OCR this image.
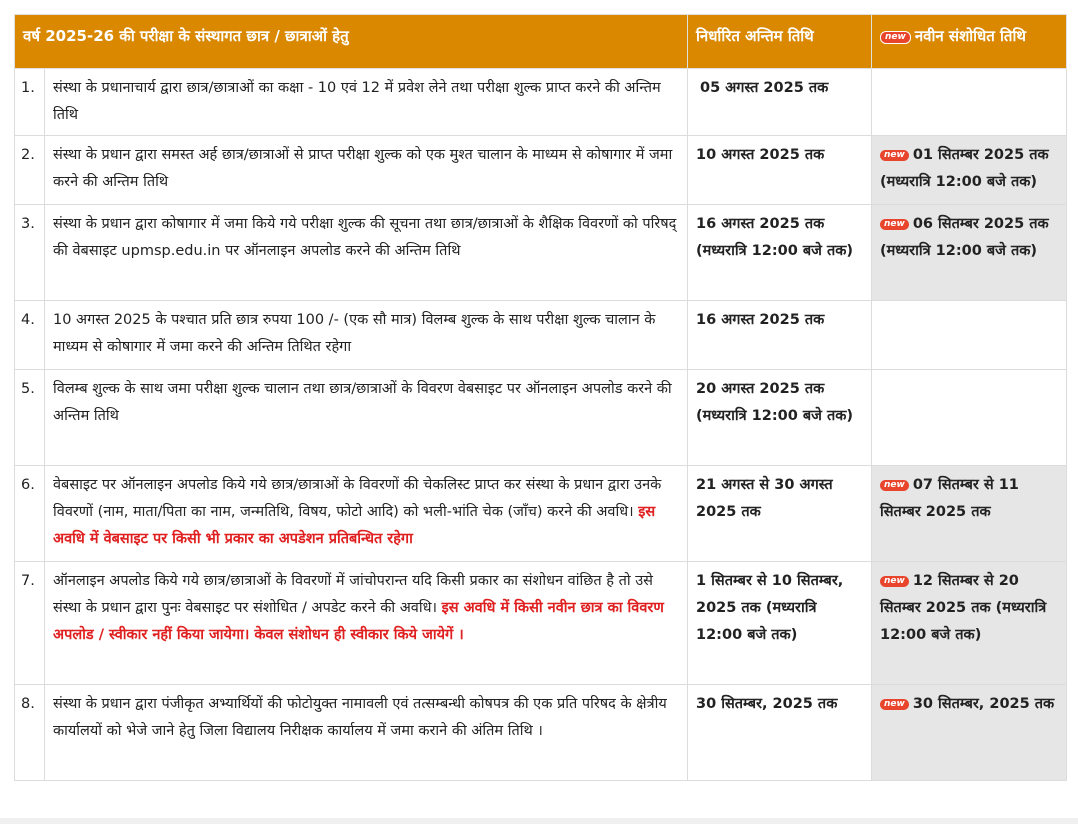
वर्ष 2025-26 की परीक्षा के संस्थागत छात्र / छात्राओं हेतु		निर्धारित अन्तिम तिथि	new नवीन संशोधित तिथि
1.	संस्था के प्रधानाचार्य द्वारा छात्र/छात्राओं का कक्षा - 10 एवं 12 में प्रवेश लेने तथा परीक्षा शुल्क प्राप्त करने की अन्तिम तिथि	05 अगस्त 2025 तक	
2.	संस्था के प्रधान द्वारा समस्त अर्ह छात्र/छात्राओं से प्राप्त परीक्षा शुल्क को एक मुश्त चालान के माध्यम से कोषागार में जमा करने की अन्तिम तिथि	10 अगस्त 2025 तक	new 01 सितम्बर 2025 तक (मध्यरात्रि 12:00 बजे तक)
3.	संस्था के प्रधान द्वारा कोषागार में जमा किये गये परीक्षा शुल्क की सूचना तथा छात्र/छात्राओं के शैक्षिक विवरणों को परिषद् की वेबसाइट upmsp.edu.in पर ऑनलाइन अपलोड करने की अन्तिम तिथि	16 अगस्त 2025 तक (मध्यरात्रि 12:00 बजे तक)	new 06 सितम्बर 2025 तक (मध्यरात्रि 12:00 बजे तक)
4.	10 अगस्त 2025 के पश्चात प्रति छात्र रुपया 100 /- (एक सौ मात्र) विलम्ब शुल्क के साथ परीक्षा शुल्क चालान के माध्यम से कोषागार में जमा करने की अन्तिम तिथित रहेगा	16 अगस्त 2025 तक	
5.	विलम्ब शुल्क के साथ जमा परीक्षा शुल्क चालान तथा छात्र/छात्राओं के विवरण वेबसाइट पर ऑनलाइन अपलोड करने की अन्तिम तिथि	20 अगस्त 2025 तक (मध्यरात्रि 12:00 बजे तक)	
6.	वेबसाइट पर ऑनलाइन अपलोड किये गये छात्र/छात्राओं के विवरणों की चेकलिस्ट प्राप्त कर संस्था के प्रधान द्वारा उनके विवरणों (नाम, माता/पिता का नाम, जन्मतिथि, विषय, फोटो आदि) को भली-भांति चेक (जाँच) करने की अवधि। इस अवधि में वेबसाइट पर किसी भी प्रकार का अपडेशन प्रतिबन्धित रहेगा	21 अगस्त से 30 अगस्त 2025 तक	new 07 सितम्बर से 11 सितम्बर 2025 तक
7.	ऑनलाइन अपलोड किये गये छात्र/छात्राओं के विवरणों में जांचोपरान्त यदि किसी प्रकार का संशोधन वांछित है तो उसे संस्था के प्रधान द्वारा पुनः वेबसाइट पर संशोधित / अपडेट करने की अवधि। इस अवधि में किसी नवीन छात्र का विवरण अपलोड / स्वीकार नहीं किया जायेगा। केवल संशोधन ही स्वीकार किये जायेगें ।	1 सितम्बर से 10 सितम्बर, 2025 तक (मध्यरात्रि 12:00 बजे तक)	new 12 सितम्बर से 20 सितम्बर 2025 तक (मध्यरात्रि 12:00 बजे तक)
8.	संस्था के प्रधान द्वारा पंजीकृत अभ्यार्थियों की फोटोयुक्त नामावली एवं तत्सम्बन्धी कोषपत्र की एक प्रति परिषद के क्षेत्रीय कार्यालयों को भेजे जाने हेतु जिला विद्यालय निरीक्षक कार्यालय में जमा कराने की अंतिम तिथि ।	30 सितम्बर, 2025 तक	new 30 सितम्बर, 2025 तक
